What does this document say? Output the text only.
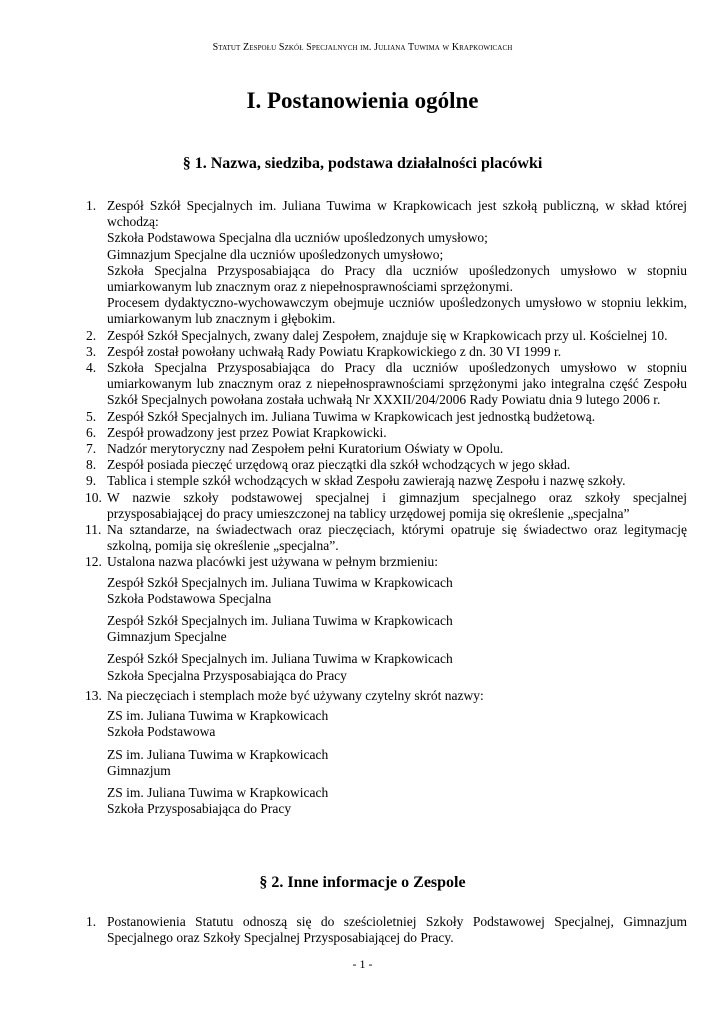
Statut Zespołu Szkół Specjalnych im. Juliana Tuwima w Krapkowicach
I. Postanowienia ogólne
§ 1. Nazwa, siedziba, podstawa działalności placówki
1. Zespół Szkół Specjalnych im. Juliana Tuwima w Krapkowicach jest szkołą publiczną, w skład której wchodzą:
Szkoła Podstawowa Specjalna dla uczniów upośledzonych umysłowo;
Gimnazjum Specjalne dla uczniów upośledzonych umysłowo;
Szkoła Specjalna Przysposabiająca do Pracy dla uczniów upośledzonych umysłowo w stopniu umiarkowanym lub znacznym oraz z niepełnosprawnościami sprzężonymi.
Procesem dydaktyczno-wychowawczym obejmuje uczniów upośledzonych umysłowo w stopniu lekkim, umiarkowanym lub znacznym i głębokim.
2. Zespół Szkół Specjalnych, zwany dalej Zespołem, znajduje się w Krapkowicach przy ul. Kościelnej 10.
3. Zespół został powołany uchwałą Rady Powiatu Krapkowickiego z dn. 30 VI 1999 r.
4. Szkoła Specjalna Przysposabiająca do Pracy dla uczniów upośledzonych umysłowo w stopniu umiarkowanym lub znacznym oraz z niepełnosprawnościami sprzężonymi jako integralna część Zespołu Szkół Specjalnych powołana została uchwałą Nr XXXII/204/2006 Rady Powiatu dnia 9 lutego 2006 r.
5. Zespół Szkół Specjalnych im. Juliana Tuwima w Krapkowicach jest jednostką budżetową.
6. Zespół prowadzony jest przez Powiat Krapkowicki.
7. Nadzór merytoryczny nad Zespołem pełni Kuratorium Oświaty w Opolu.
8. Zespół posiada pieczęć urzędową oraz pieczątki dla szkół wchodzących w jego skład.
9. Tablica i stemple szkół wchodzących w skład Zespołu zawierają nazwę Zespołu i nazwę szkoły.
10. W nazwie szkoły podstawowej specjalnej i gimnazjum specjalnego oraz szkoły specjalnej przysposabiającej do pracy umieszczonej na tablicy urzędowej pomija się określenie „specjalna”
11. Na sztandarze, na świadectwach oraz pieczęciach, którymi opatruje się świadectwo oraz legitymację szkolną, pomija się określenie „specjalna”.
12. Ustalona nazwa placówki jest używana w pełnym brzmieniu:
Zespół Szkół Specjalnych im. Juliana Tuwima w Krapkowicach
Szkoła Podstawowa Specjalna
Zespół Szkół Specjalnych im. Juliana Tuwima w Krapkowicach
Gimnazjum Specjalne
Zespół Szkół Specjalnych im. Juliana Tuwima w Krapkowicach
Szkoła Specjalna Przysposabiająca do Pracy
13. Na pieczęciach i stemplach może być używany czytelny skrót nazwy:
ZS im. Juliana Tuwima w Krapkowicach
Szkoła Podstawowa
ZS im. Juliana Tuwima w Krapkowicach
Gimnazjum
ZS im. Juliana Tuwima w Krapkowicach
Szkoła Przysposabiająca do Pracy
§ 2. Inne informacje o Zespole
1. Postanowienia Statutu odnoszą się do sześcioletniej Szkoły Podstawowej Specjalnej, Gimnazjum Specjalnego oraz Szkoły Specjalnej Przysposabiającej do Pracy.
- 1 -
